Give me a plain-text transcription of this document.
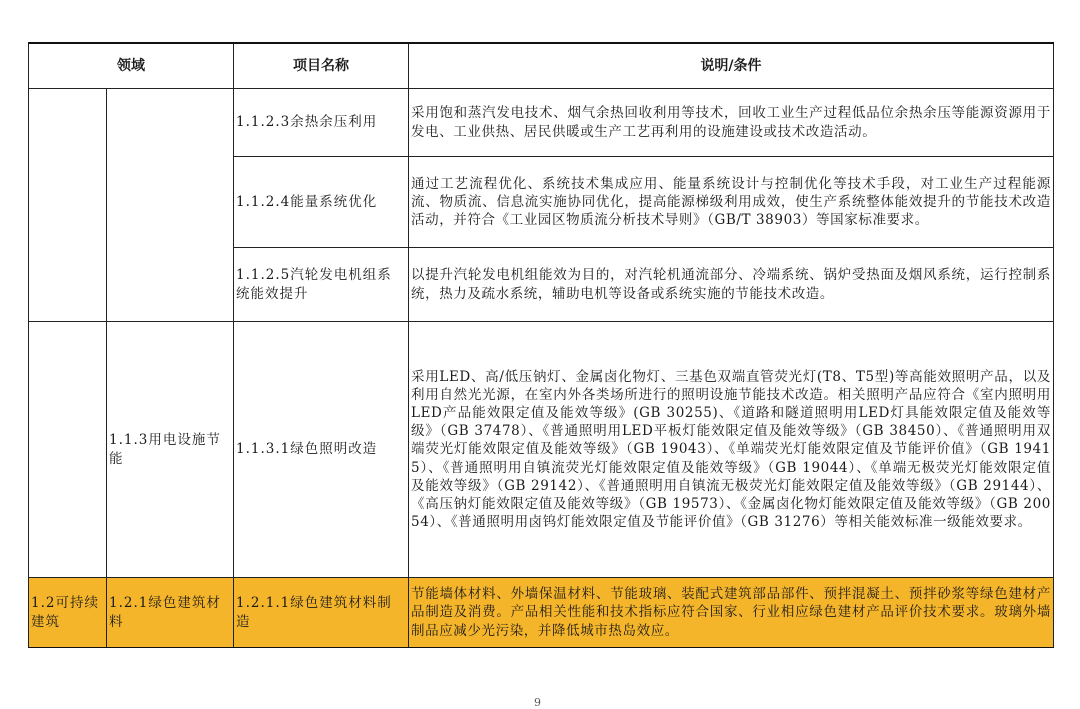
领域		项目名称	说明/条件
		1.1.2.3余热余压利用	采用饱和蒸汽发电技术、烟气余热回收利用等技术，回收工业生产过程低品位余热余压等能源资源用于发电、工业供热、居民供暖或生产工艺再利用的设施建设或技术改造活动。
		1.1.2.4能量系统优化	通过工艺流程优化、系统技术集成应用、能量系统设计与控制优化等技术手段，对工业生产过程能源流、物质流、信息流实施协同优化，提高能源梯级利用成效，使生产系统整体能效提升的节能技术改造活动，并符合《工业园区物质流分析技术导则》（GB/T 38903）等国家标准要求。
		1.1.2.5汽轮发电机组系统能效提升	以提升汽轮发电机组能效为目的，对汽轮机通流部分、冷端系统、锅炉受热面及烟风系统，运行控制系统，热力及疏水系统，辅助电机等设备或系统实施的节能技术改造。
	1.1.3用电设施节能	1.1.3.1绿色照明改造	采用LED、高/低压钠灯、金属卤化物灯、三基色双端直管荧光灯(T8、T5型)等高能效照明产品，以及利用自然光光源，在室内外各类场所进行的照明设施节能技术改造。相关照明产品应符合《室内照明用LED产品能效限定值及能效等级》(GB 30255)、《道路和隧道照明用LED灯具能效限定值及能效等级》（GB 37478）、《普通照明用LED平板灯能效限定值及能效等级》（GB 38450）、《普通照明用双端荧光灯能效限定值及能效等级》（GB 19043）、《单端荧光灯能效限定值及节能评价值》（GB 19415）、《普通照明用自镇流荧光灯能效限定值及能效等级》（GB 19044）、《单端无极荧光灯能效限定值及能效等级》（GB 29142）、《普通照明用自镇流无极荧光灯能效限定值及能效等级》（GB 29144）、《高压钠灯能效限定值及能效等级》（GB 19573）、《金属卤化物灯能效限定值及能效等级》（GB 20054）、《普通照明用卤钨灯能效限定值及节能评价值》（GB 31276）等相关能效标准一级能效要求。
1.2可持续建筑	1.2.1绿色建筑材料	1.2.1.1绿色建筑材料制造	节能墙体材料、外墙保温材料、节能玻璃、装配式建筑部品部件、预拌混凝土、预拌砂浆等绿色建材产品制造及消费。产品相关性能和技术指标应符合国家、行业相应绿色建材产品评价技术要求。玻璃外墙制品应减少光污染，并降低城市热岛效应。
9
